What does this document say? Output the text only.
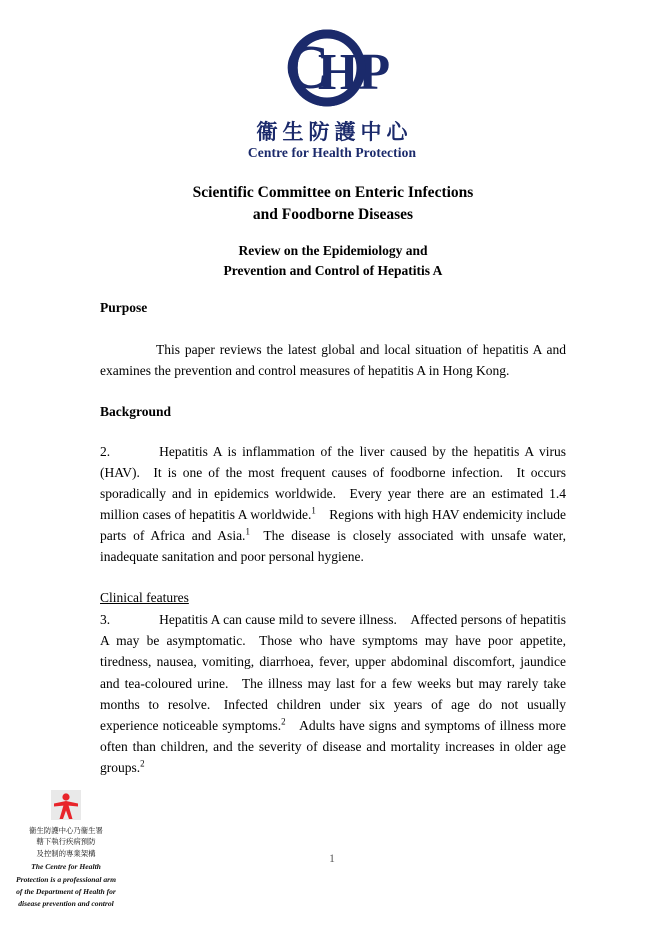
C
HP
衞生防護中心
Centre for Health Protection
Scientific Committee on Enteric Infections
and Foodborne Diseases
Review on the Epidemiology and
Prevention and Control of Hepatitis A
Purpose

This paper reviews the latest global and local situation of hepatitis A and examines the prevention and control measures of hepatitis A in Hong Kong.

Background

2.	Hepatitis A is inflammation of the liver caused by the hepatitis A virus (HAV). It is one of the most frequent causes of foodborne infection. It occurs sporadically and in epidemics worldwide. Every year there are an estimated 1.4 million cases of hepatitis A worldwide.$^1$ Regions with high HAV endemicity include parts of Africa and Asia.$^1$ The disease is closely associated with unsafe water, inadequate sanitation and poor personal hygiene.

Clinical features

3.	Hepatitis A can cause mild to severe illness. Affected persons of hepatitis A may be asymptomatic. Those who have symptoms may have poor appetite, tiredness, nausea, vomiting, diarrhoea, fever, upper abdominal discomfort, jaundice and tea-coloured urine. The illness may last for a few weeks but may rarely take months to resolve. Infected children under six years of age do not usually experience noticeable symptoms.$^2$ Adults have signs and symptoms of illness more often than children, and the severity of disease and mortality increases in older age groups.$^2$

衞生防護中心乃衞生署
轄下執行疾病預防
及控制的專業架構
The Centre for Health Protection is a professional arm of the Department of Health for disease prevention and control
1
